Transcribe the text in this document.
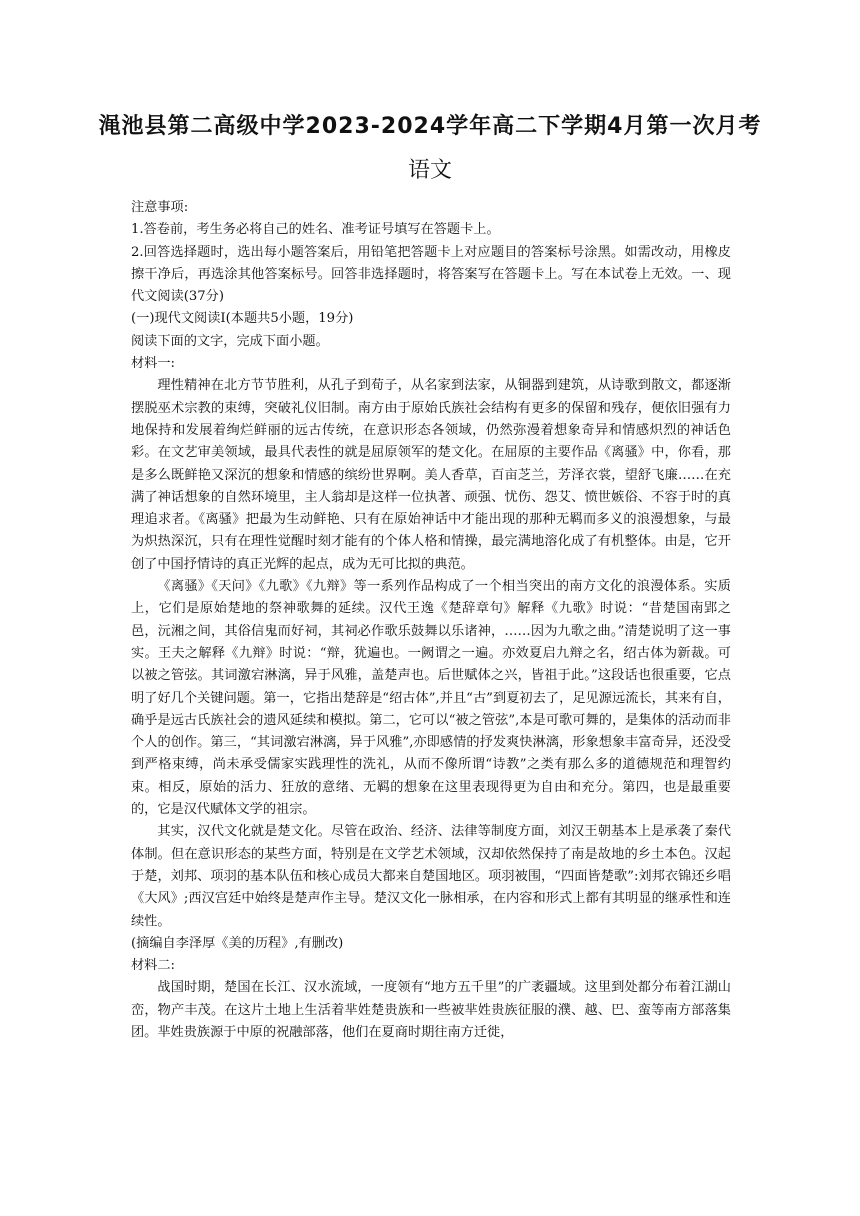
渑池县第二高级中学2023-2024学年高二下学期4月第一次月考
语文

注意事项:

1.答卷前，考生务必将自己的姓名、准考证号填写在答题卡上。

2.回答选择题时，选出每小题答案后，用铅笔把答题卡上对应题目的答案标号涂黑。如需改动，用橡皮擦干净后，再选涂其他答案标号。回答非选择题时，将答案写在答题卡上。写在本试卷上无效。一、现代文阅读(37分)

(一)现代文阅读I(本题共5小题，19分)

阅读下面的文字，完成下面小题。

材料一:

理性精神在北方节节胜利，从孔子到荀子，从名家到法家，从铜器到建筑，从诗歌到散文，都逐渐摆脱巫术宗教的束缚，突破礼仪旧制。南方由于原始氏族社会结构有更多的保留和残存，便依旧强有力地保持和发展着绚烂鲜丽的远古传统，在意识形态各领域，仍然弥漫着想象奇异和情感炽烈的神话色彩。在文艺审美领域，最具代表性的就是屈原领军的楚文化。在屈原的主要作品《离骚》中，你看，那是多么既鲜艳又深沉的想象和情感的缤纷世界啊。美人香草，百亩芝兰，芳泽衣裳，望舒飞廉……在充满了神话想象的自然环境里，主人翁却是这样一位执著、顽强、忧伤、怨艾、愤世嫉俗、不容于时的真理追求者。《离骚》把最为生动鲜艳、只有在原始神话中才能出现的那种无羁而多义的浪漫想象，与最为炽热深沉，只有在理性觉醒时刻才能有的个体人格和情操，最完满地溶化成了有机整体。由是，它开创了中国抒情诗的真正光辉的起点，成为无可比拟的典范。

《离骚》《天问》《九歌》《九辩》等一系列作品构成了一个相当突出的南方文化的浪漫体系。实质上，它们是原始楚地的祭神歌舞的延续。汉代王逸《楚辞章句》解释《九歌》时说：“昔楚国南郢之邑，沅湘之间，其俗信鬼而好祠，其祠必作歌乐鼓舞以乐诸神，……因为九歌之曲。”清楚说明了这一事实。王夫之解释《九辩》时说：“辩，犹遍也。一阙谓之一遍。亦效夏启九辩之名，绍古体为新裁。可以被之管弦。其词激宕淋漓，异于风雅，盖楚声也。后世赋体之兴，皆祖于此。”这段话也很重要，它点明了好几个关键问题。第一，它指出楚辞是“绍古体”,并且“古”到夏初去了，足见源远流长，其来有自，确乎是远古氏族社会的遗风延续和模拟。第二，它可以“被之管弦”,本是可歌可舞的，是集体的活动而非个人的创作。第三，“其词激宕淋漓，异于风雅”,亦即感情的抒发爽快淋漓，形象想象丰富奇异，还没受到严格束缚，尚未承受儒家实践理性的洗礼，从而不像所谓“诗教”之类有那么多的道德规范和理智约束。相反，原始的活力、狂放的意绪、无羁的想象在这里表现得更为自由和充分。第四，也是最重要的，它是汉代赋体文学的祖宗。

其实，汉代文化就是楚文化。尽管在政治、经济、法律等制度方面，刘汉王朝基本上是承袭了秦代体制。但在意识形态的某些方面，特别是在文学艺术领域，汉却依然保持了南是故地的乡土本色。汉起于楚，刘邦、项羽的基本队伍和核心成员大都来自楚国地区。项羽被围，“四面皆楚歌”:刘邦衣锦还乡唱《大风》;西汉宫廷中始终是楚声作主导。楚汉文化一脉相承，在内容和形式上都有其明显的继承性和连续性。

(摘编自李泽厚《美的历程》,有删改)

材料二:

战国时期，楚国在长江、汉水流域，一度领有“地方五千里”的广袤疆域。这里到处都分布着江湖山峦，物产丰茂。在这片土地上生活着芈姓楚贵族和一些被芈姓贵族征服的濮、越、巴、蛮等南方部落集团。芈姓贵族源于中原的祝融部落，他们在夏商时期往南方迁徙，
